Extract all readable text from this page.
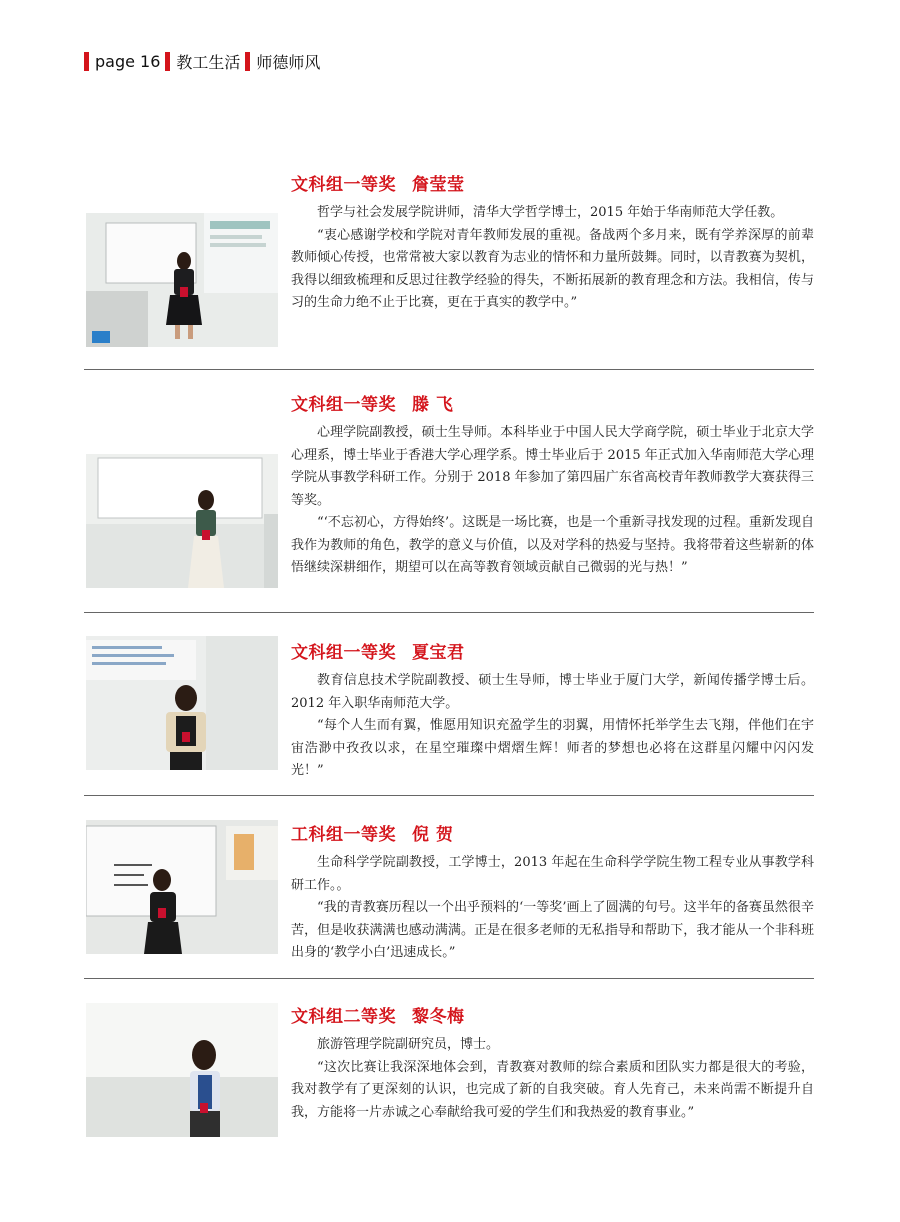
page 16 教工生活 师德师风
文科组一等奖 詹莹莹

哲学与社会发展学院讲师，清华大学哲学博士，2015 年始于华南师范大学任教。

“衷心感谢学校和学院对青年教师发展的重视。备战两个多月来，既有学养深厚的前辈教师倾心传授，也常常被大家以教育为志业的情怀和力量所鼓舞。同时，以青教赛为契机，我得以细致梳理和反思过往教学经验的得失，不断拓展新的教育理念和方法。我相信，传与习的生命力绝不止于比赛，更在于真实的教学中。”

文科组一等奖 滕 飞

心理学院副教授，硕士生导师。本科毕业于中国人民大学商学院，硕士毕业于北京大学心理系，博士毕业于香港大学心理学系。博士毕业后于 2015 年正式加入华南师范大学心理学院从事教学科研工作。分别于 2018 年参加了第四届广东省高校青年教师教学大赛获得三等奖。

“‘不忘初心，方得始终’。这既是一场比赛，也是一个重新寻找发现的过程。重新发现自我作为教师的角色，教学的意义与价值，以及对学科的热爱与坚持。我将带着这些崭新的体悟继续深耕细作，期望可以在高等教育领域贡献自己微弱的光与热！”

文科组一等奖 夏宝君

教育信息技术学院副教授、硕士生导师，博士毕业于厦门大学，新闻传播学博士后。2012 年入职华南师范大学。

“每个人生而有翼，惟愿用知识充盈学生的羽翼，用情怀托举学生去飞翔，伴他们在宇宙浩渺中孜孜以求，在星空璀璨中熠熠生辉！师者的梦想也必将在这群星闪耀中闪闪发光！”

工科组一等奖 倪 贺

生命科学学院副教授，工学博士，2013 年起在生命科学学院生物工程专业从事教学科研工作。。

“我的青教赛历程以一个出乎预料的‘一等奖’画上了圆满的句号。这半年的备赛虽然很辛苦，但是收获满满也感动满满。正是在很多老师的无私指导和帮助下，我才能从一个非科班出身的‘教学小白’迅速成长。”

文科组二等奖 黎冬梅

旅游管理学院副研究员，博士。

“这次比赛让我深深地体会到，青教赛对教师的综合素质和团队实力都是很大的考验，我对教学有了更深刻的认识，也完成了新的自我突破。育人先育己，未来尚需不断提升自我，方能将一片赤诚之心奉献给我可爱的学生们和我热爱的教育事业。”
